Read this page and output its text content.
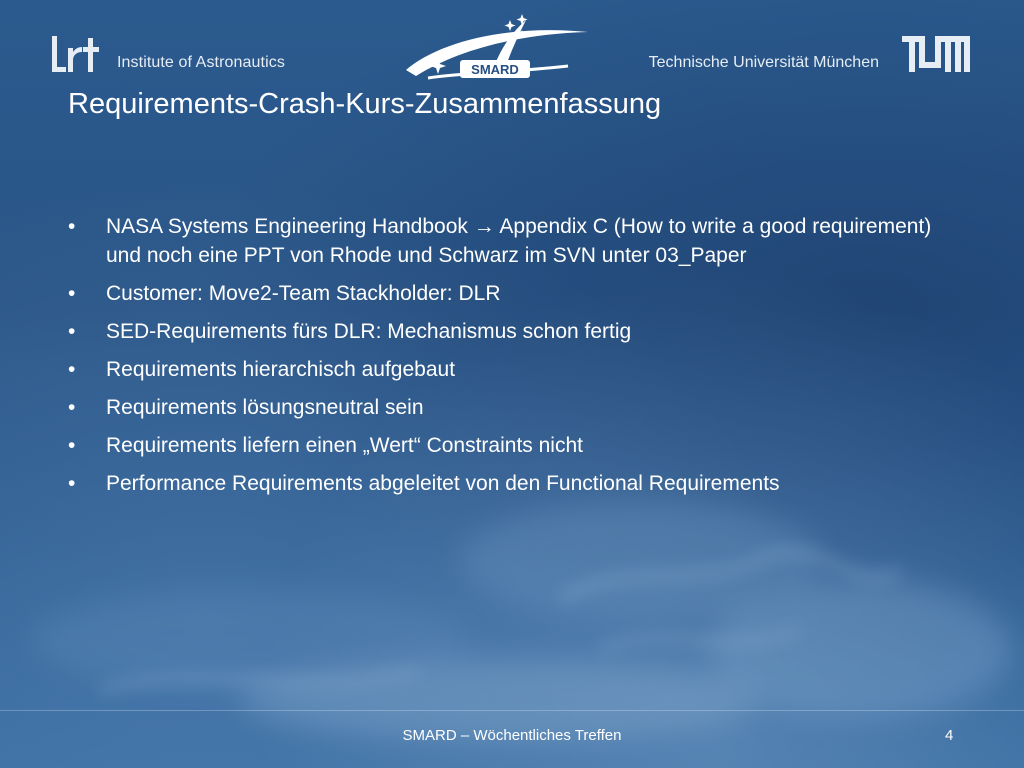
Institute of Astronautics	SMARD	Technische Universität München
Requirements-Crash-Kurs-Zusammenfassung
•	NASA Systems Engineering Handbook → Appendix C (How to write a good requirement) und noch eine PPT von Rhode und Schwarz im SVN unter 03_Paper
•	Customer: Move2-Team Stackholder: DLR
•	SED-Requirements fürs DLR: Mechanismus schon fertig
•	Requirements hierarchisch aufgebaut
•	Requirements lösungsneutral sein
•	Requirements liefern einen „Wert“ Constraints nicht
•	Performance Requirements abgeleitet von den Functional Requirements
SMARD – Wöchentliches Treffen	4
